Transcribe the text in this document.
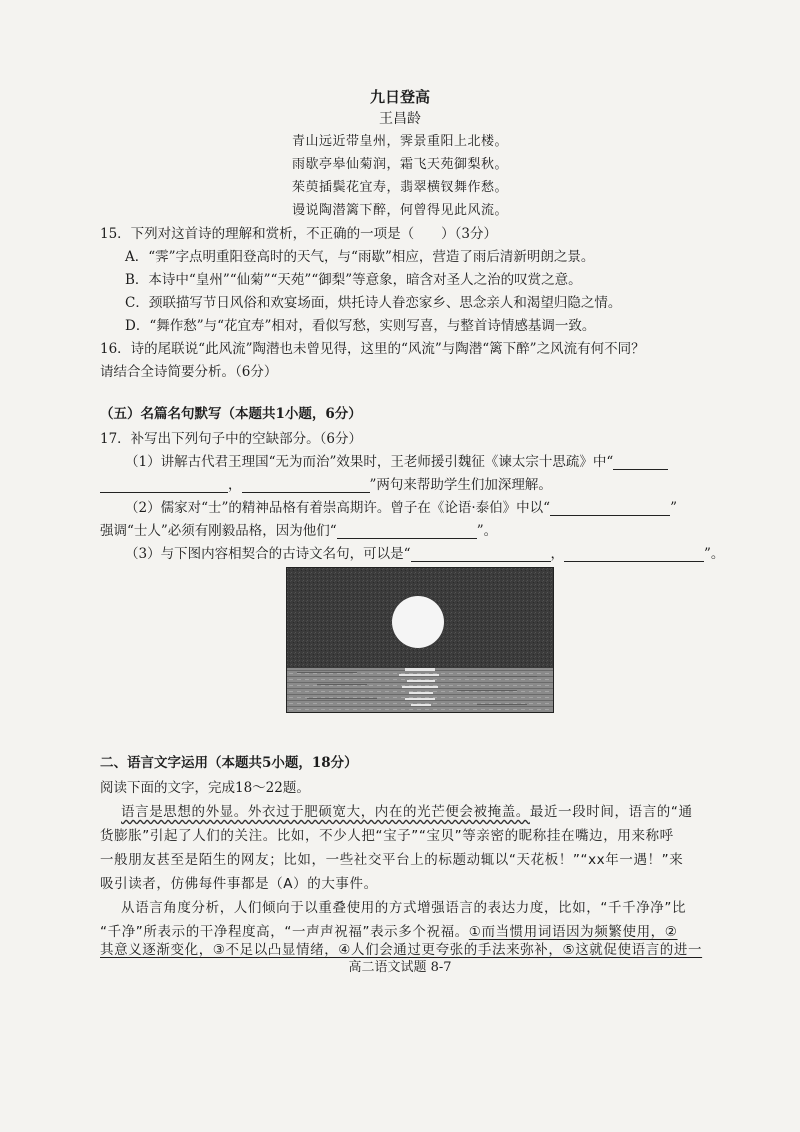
九日登高
王昌龄
青山远近带皇州，霁景重阳上北楼。
雨歇亭皋仙菊润，霜飞天苑御梨秋。
茱萸插鬓花宜寿，翡翠横钗舞作愁。
谩说陶潜篱下醉，何曾得见此风流。
15．下列对这首诗的理解和赏析，不正确的一项是（　　）（3分）
A．“霁”字点明重阳登高时的天气，与“雨歇”相应，营造了雨后清新明朗之景。
B．本诗中“皇州”“仙菊”“天苑”“御梨”等意象，暗含对圣人之治的叹赏之意。
C．颈联描写节日风俗和欢宴场面，烘托诗人眷恋家乡、思念亲人和渴望归隐之情。
D．“舞作愁”与“花宜寿”相对，看似写愁，实则写喜，与整首诗情感基调一致。
16．诗的尾联说“此风流”陶潜也未曾见得，这里的“风流”与陶潜“篱下醉”之风流有何不同？
请结合全诗简要分析。（6分）
（五）名篇名句默写（本题共1小题，6分）
17．补写出下列句子中的空缺部分。（6分）
（1）讲解古代君王理国“无为而治”效果时，王老师援引魏征《谏太宗十思疏》中“
，	”两句来帮助学生们加深理解。
（2）儒家对“士”的精神品格有着崇高期许。曾子在《论语·泰伯》中以“	”
强调“士人”必须有刚毅品格，因为他们“	”。
（3）与下图内容相契合的古诗文名句，可以是“	，	”。
二、语言文字运用（本题共5小题，18分）
阅读下面的文字，完成18～22题。
语言是思想的外显。外衣过于肥硕宽大，内在的光芒便会被掩盖。最近一段时间，语言的“通
货膨胀”引起了人们的关注。比如，不少人把“宝子”“宝贝”等亲密的昵称挂在嘴边，用来称呼
一般朋友甚至是陌生的网友；比如，一些社交平台上的标题动辄以“天花板！”“xx年一遇！”来
吸引读者，仿佛每件事都是（A）的大事件。
从语言角度分析，人们倾向于以重叠使用的方式增强语言的表达力度，比如，“千千净净”比
“千净”所表示的干净程度高，“一声声祝福”表示多个祝福。①而当惯用词语因为频繁使用，②
其意义逐渐变化，③不足以凸显情绪，④人们会通过更夸张的手法来弥补，⑤这就促使语言的进一
高二语文试题 8-7
